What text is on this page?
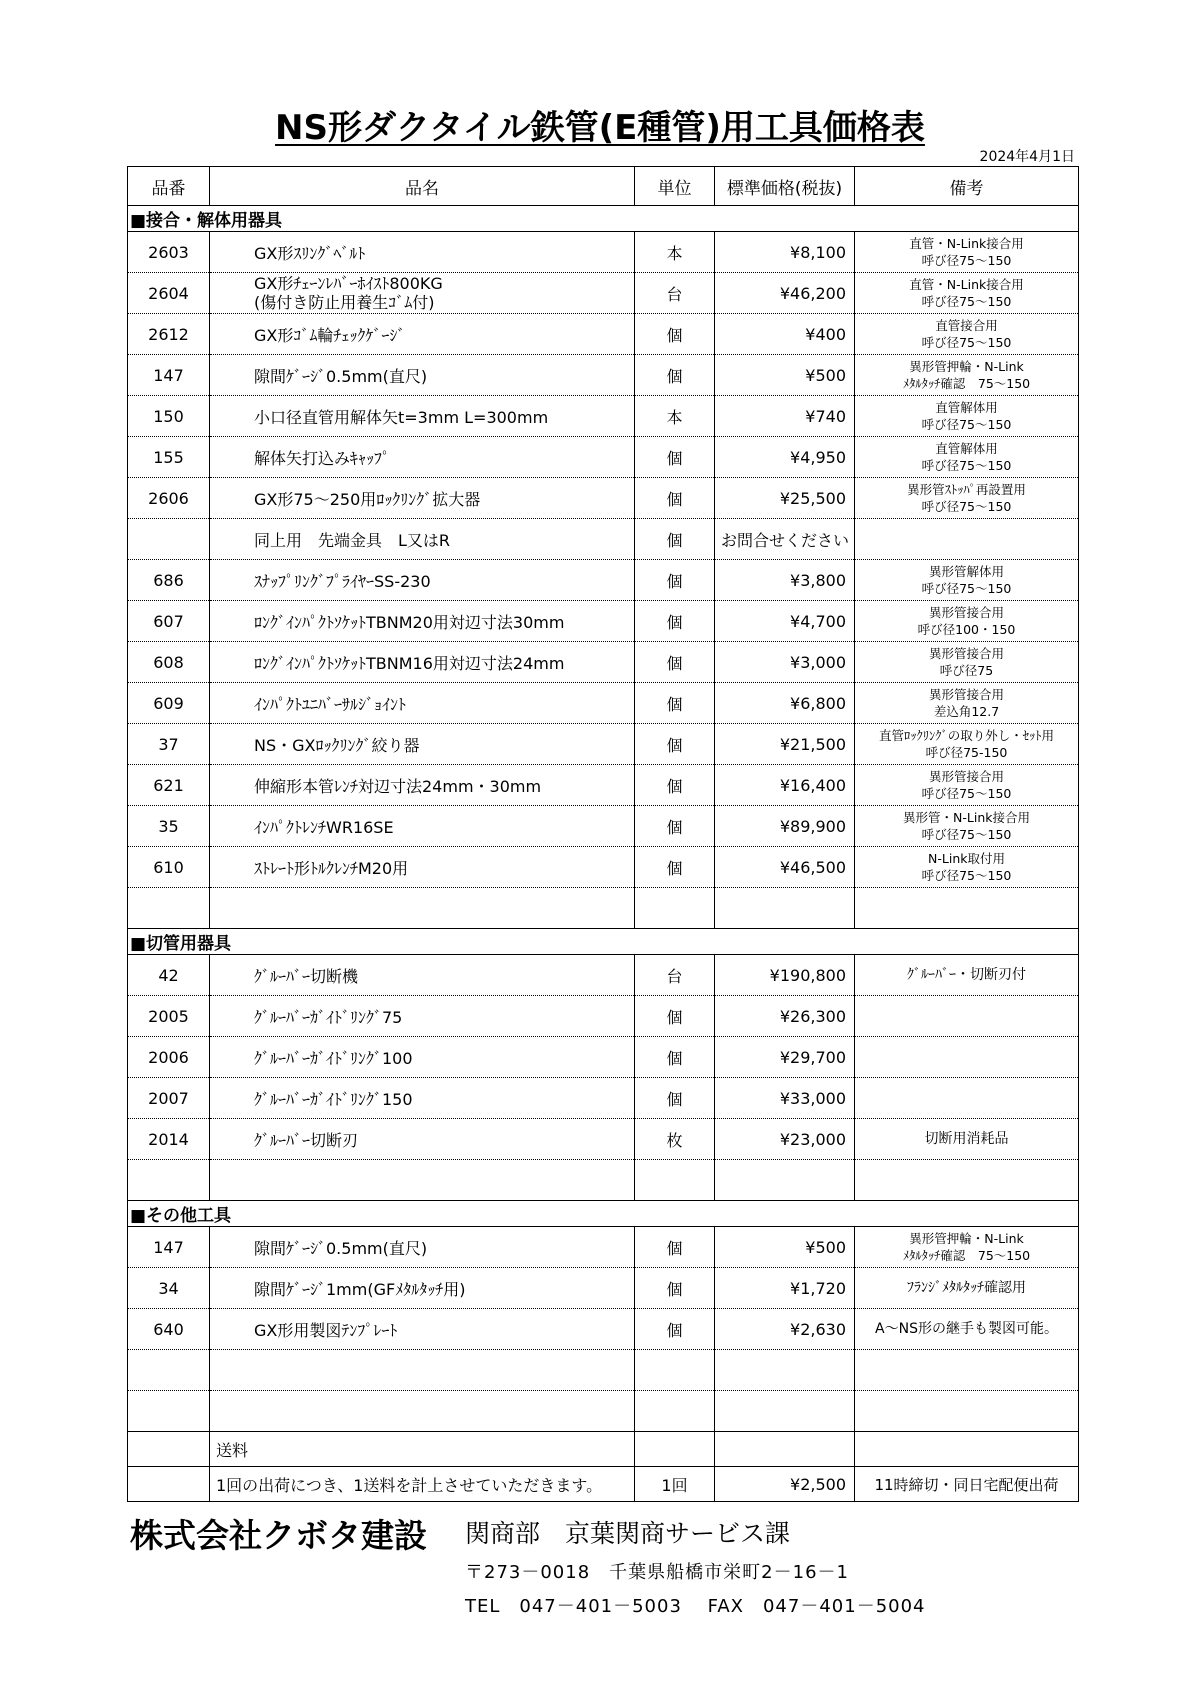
NS形ダクタイル鉄管(E種管)用工具価格表
2024年4月1日
品番	品名	単位	標準価格(税抜)	備考
■接合・解体用器具				
2603	GX形ｽﾘﾝｸﾞﾍﾞﾙﾄ	本	¥8,100	直管・N-Link接合用
呼び径75～150

2604	GX形ﾁｪｰﾝﾚﾊﾞｰﾎｲｽﾄ800KG
(傷付き防止用養生ｺﾞﾑ付)	台	¥46,200	直管・N-Link接合用
呼び径75～150

2612	GX形ｺﾞﾑ輪ﾁｪｯｸｹﾞｰｼﾞ	個	¥400	直管接合用
呼び径75～150

147	隙間ｹﾞｰｼﾞ0.5mm(直尺)	個	¥500	異形管押輪・N-Link
ﾒﾀﾙﾀｯﾁ確認　75～150

150	小口径直管用解体矢t=3mm L=300mm	本	¥740	直管解体用
呼び径75～150

155	解体矢打込みｷｬｯﾌﾟ	個	¥4,950	直管解体用
呼び径75～150

2606	GX形75～250用ﾛｯｸﾘﾝｸﾞ拡大器	個	¥25,500	異形管ｽﾄｯﾊﾟ再設置用
呼び径75～150

	同上用　先端金具　L又はR	個	お問合せください	
686	ｽﾅｯﾌﾟﾘﾝｸﾞﾌﾟﾗｲﾔｰSS-230	個	¥3,800	異形管解体用
呼び径75～150

607	ﾛﾝｸﾞｲﾝﾊﾟｸﾄｿｹｯﾄTBNM20用対辺寸法30mm	個	¥4,700	異形管接合用
呼び径100・150

608	ﾛﾝｸﾞｲﾝﾊﾟｸﾄｿｹｯﾄTBNM16用対辺寸法24mm	個	¥3,000	異形管接合用
呼び径75

609	ｲﾝﾊﾟｸﾄﾕﾆﾊﾞｰｻﾙｼﾞｮｲﾝﾄ	個	¥6,800	異形管接合用
差込角12.7

37	NS・GXﾛｯｸﾘﾝｸﾞ絞り器	個	¥21,500	直管ﾛｯｸﾘﾝｸﾞの取り外し・ｾｯﾄ用
呼び径75-150

621	伸縮形本管ﾚﾝﾁ対辺寸法24mm・30mm	個	¥16,400	異形管接合用
呼び径75～150

35	ｲﾝﾊﾟｸﾄﾚﾝﾁWR16SE	個	¥89,900	異形管・N-Link接合用
呼び径75～150

610	ｽﾄﾚｰﾄ形ﾄﾙｸﾚﾝﾁM20用	個	¥46,500	N-Link取付用
呼び径75～150

■切管用器具				
42	ｸﾞﾙｰﾊﾞｰ切断機	台	¥190,800	ｸﾞﾙｰﾊﾞｰ・切断刃付

2005	ｸﾞﾙｰﾊﾞｰｶﾞｲﾄﾞﾘﾝｸﾞ75	個	¥26,300	
2006	ｸﾞﾙｰﾊﾞｰｶﾞｲﾄﾞﾘﾝｸﾞ100	個	¥29,700	
2007	ｸﾞﾙｰﾊﾞｰｶﾞｲﾄﾞﾘﾝｸﾞ150	個	¥33,000	
2014	ｸﾞﾙｰﾊﾞｰ切断刃	枚	¥23,000	切断用消耗品

■その他工具				
147	隙間ｹﾞｰｼﾞ0.5mm(直尺)	個	¥500	異形管押輪・N-Link
ﾒﾀﾙﾀｯﾁ確認　75～150

34	隙間ｹﾞｰｼﾞ1mm(GFﾒﾀﾙﾀｯﾁ用)	個	¥1,720	ﾌﾗﾝｼﾞﾒﾀﾙﾀｯﾁ確認用

640	GX形用製図ﾃﾝﾌﾟﾚｰﾄ	個	¥2,630	A～NS形の継手も製図可能。

	送料			
	1回の出荷につき、1送料を計上させていただきます。	1回	¥2,500	11時締切・同日宅配便出荷
株式会社クボタ建設 関商部　京葉関商サービス課
〒273－0018　千葉県船橋市栄町2－16－1
TEL　047－401－5003　 FAX　047－401－5004
